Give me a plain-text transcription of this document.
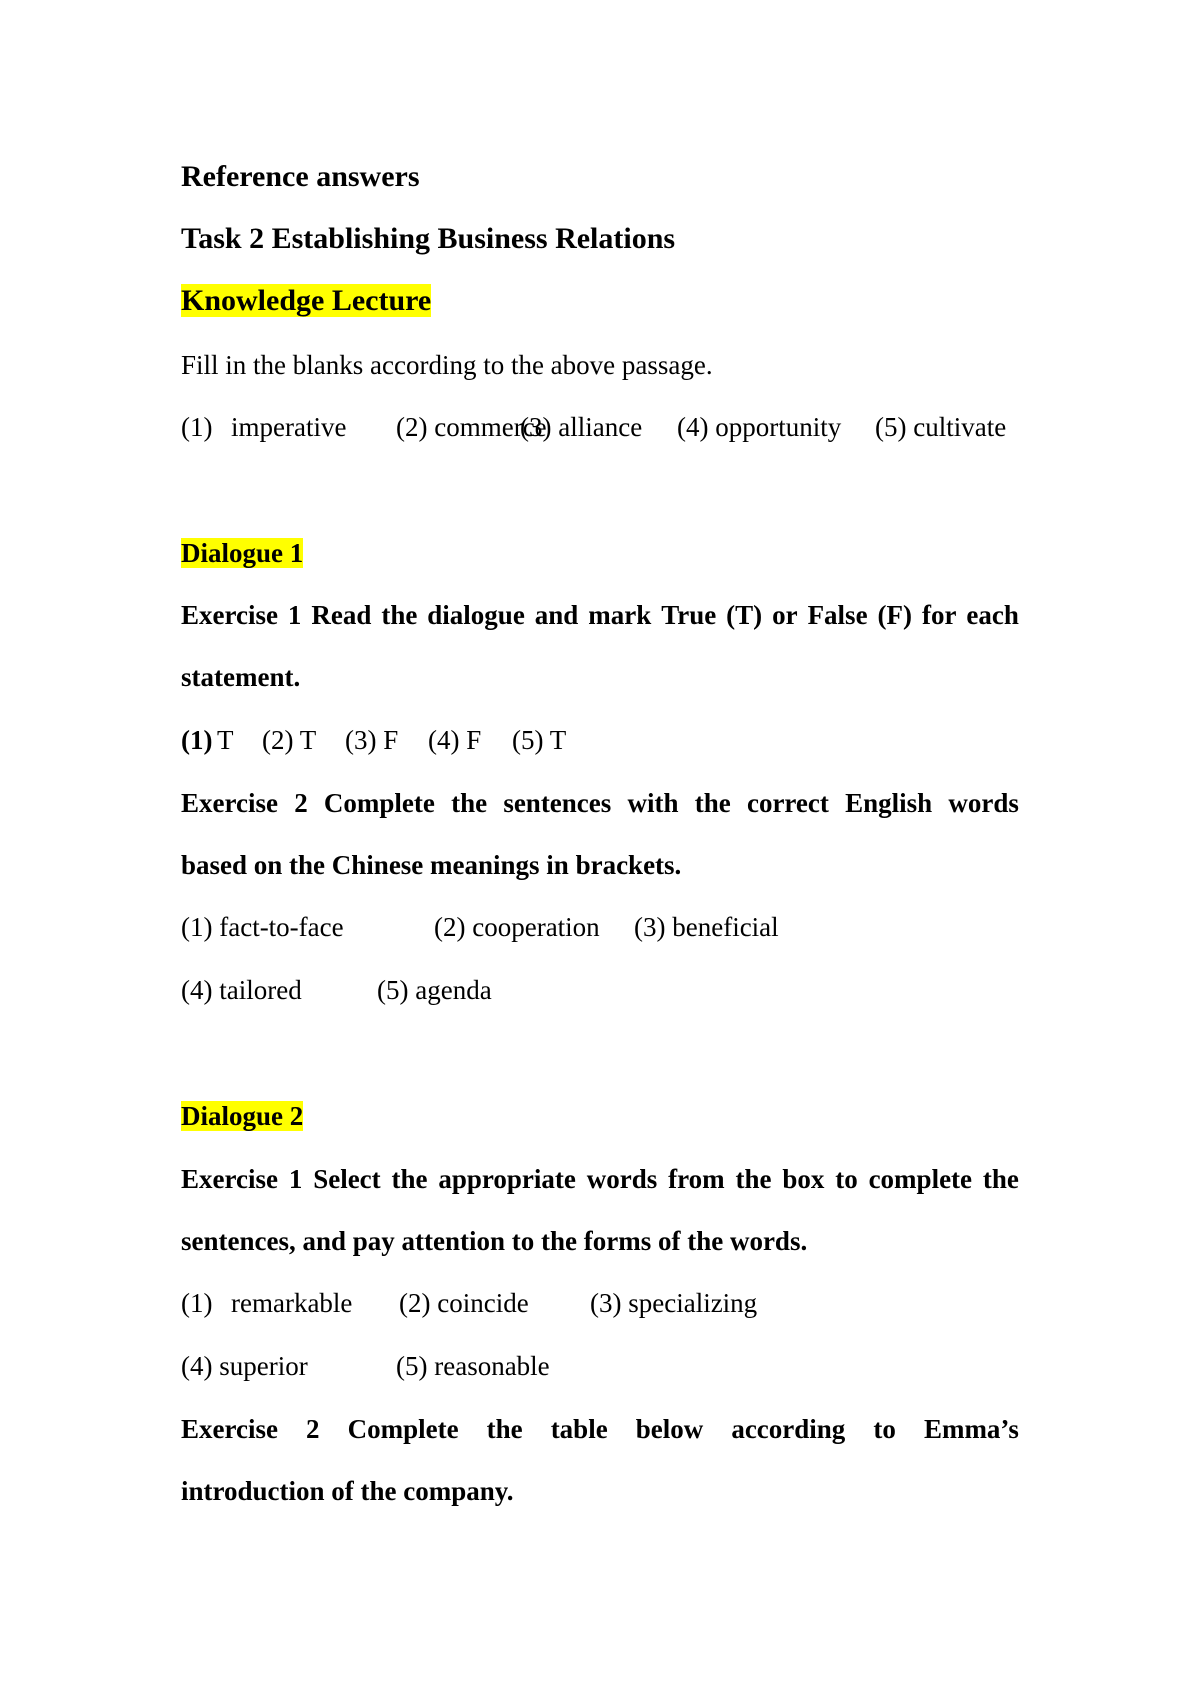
Reference answers
Task 2 Establishing Business Relations
Knowledge Lecture
Fill in the blanks according to the above passage.
(1) imperative (2) commerce
(3) alliance (4) opportunity (5) cultivate
Dialogue 1
Exercise 1 Read the dialogue and mark True (T) or False (F) for each
statement.
(1) T (2) T (3) F (4) F (5) T
Exercise 2 Complete the sentences with the correct English words
based on the Chinese meanings in brackets.
(1) fact-to-face	(2) cooperation (3) beneficial
(4) tailored	(5) agenda
Dialogue 2
Exercise 1 Select the appropriate words from the box to complete the
sentences, and pay attention to the forms of the words.
(1) remarkable (2) coincide (3) specializing
(4) superior	(5) reasonable
Exercise 2 Complete the table below according to Emma’s
introduction of the company.
